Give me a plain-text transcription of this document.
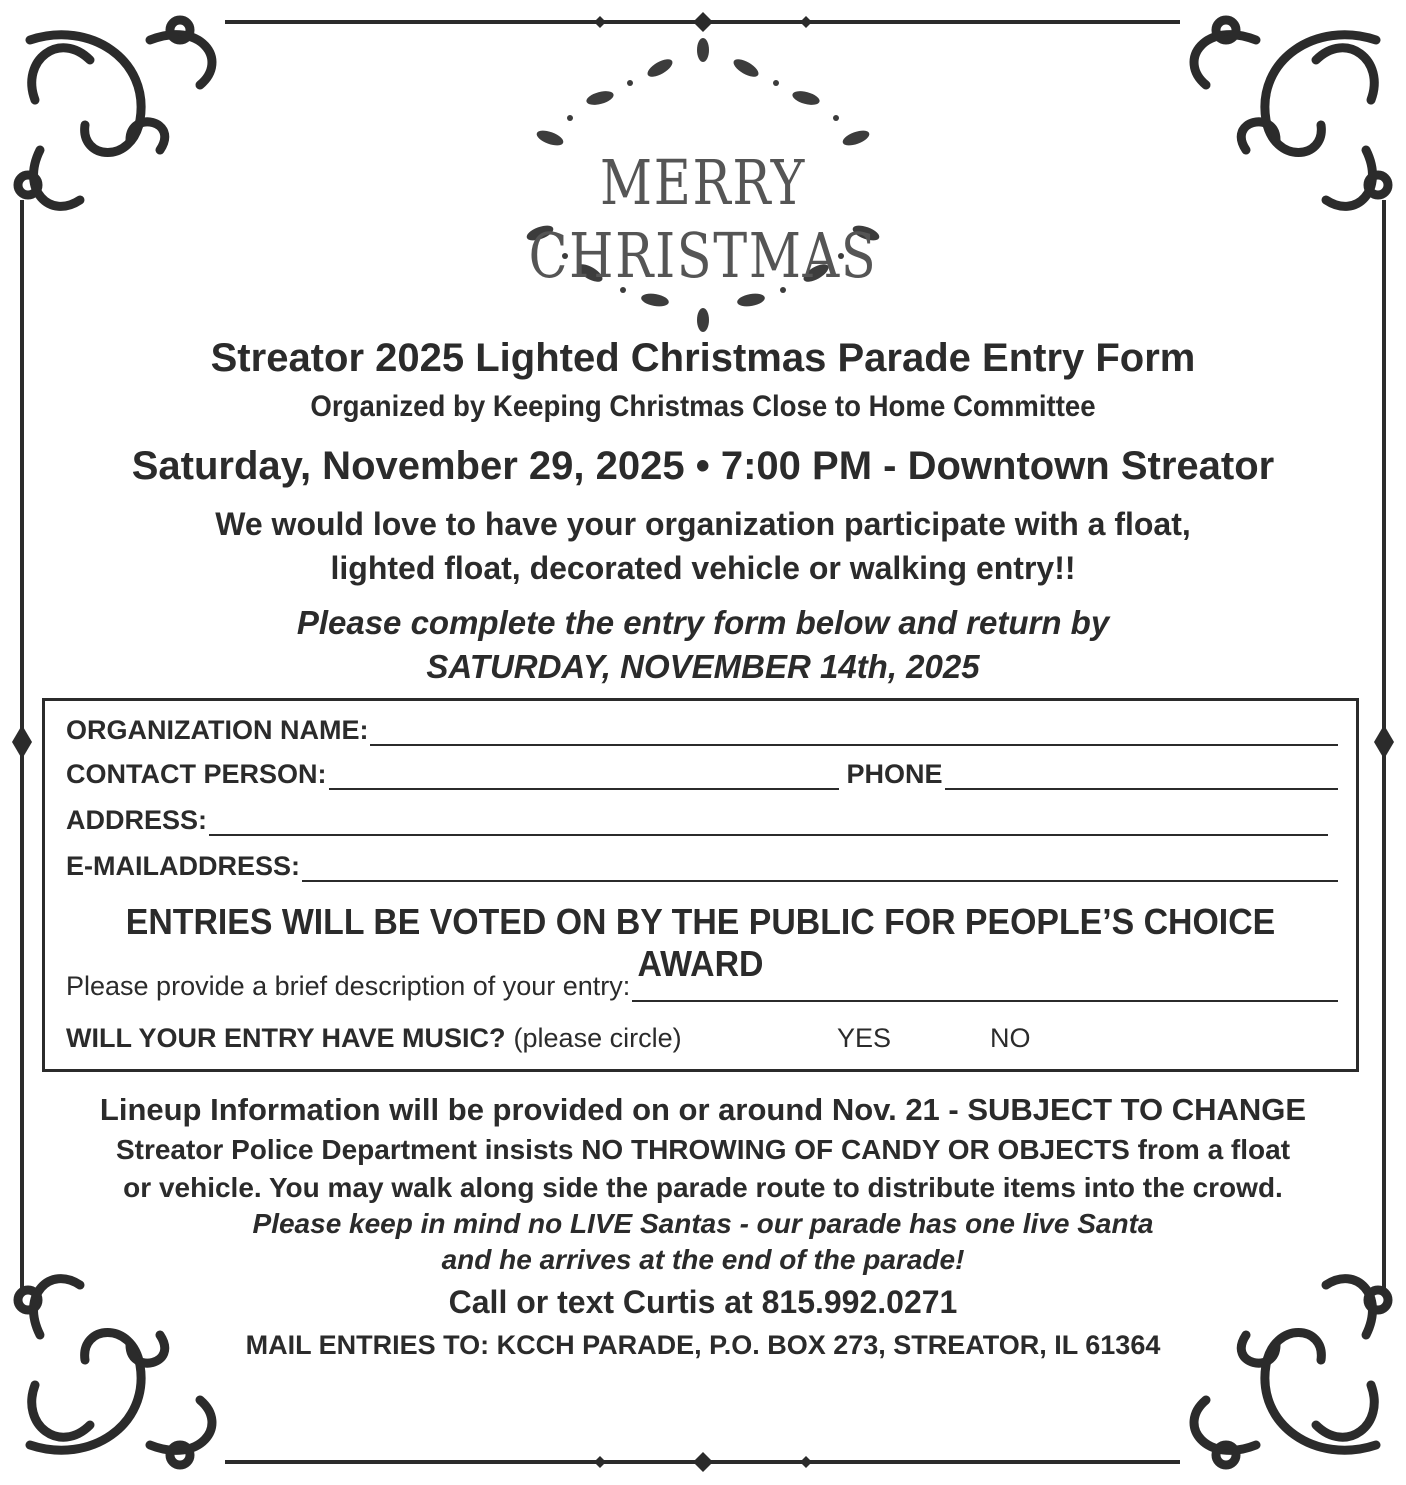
MERRY CHRISTMAS
Streator 2025 Lighted Christmas Parade Entry Form
Organized by Keeping Christmas Close to Home Committee
Saturday, November 29, 2025 • 7:00 PM - Downtown Streator
We would love to have your organization participate with a float,
lighted float, decorated vehicle or walking entry!!
Please complete the entry form below and return by
SATURDAY, NOVEMBER 14th, 2025
ORGANIZATION NAME:
CONTACT PERSON:	PHONE
ADDRESS:
E-MAILADDRESS:
ENTRIES WILL BE VOTED ON BY THE PUBLIC FOR PEOPLE’S CHOICE AWARD
Please provide a brief description of your entry:
WILL YOUR ENTRY HAVE MUSIC? (please circle)	YES	NO
Lineup Information will be provided on or around Nov. 21 - SUBJECT TO CHANGE
Streator Police Department insists NO THROWING OF CANDY OR OBJECTS from a float
or vehicle. You may walk along side the parade route to distribute items into the crowd.
Please keep in mind no LIVE Santas - our parade has one live Santa
and he arrives at the end of the parade!
Call or text Curtis at 815.992.0271
MAIL ENTRIES TO: KCCH PARADE, P.O. BOX 273, STREATOR, IL 61364
